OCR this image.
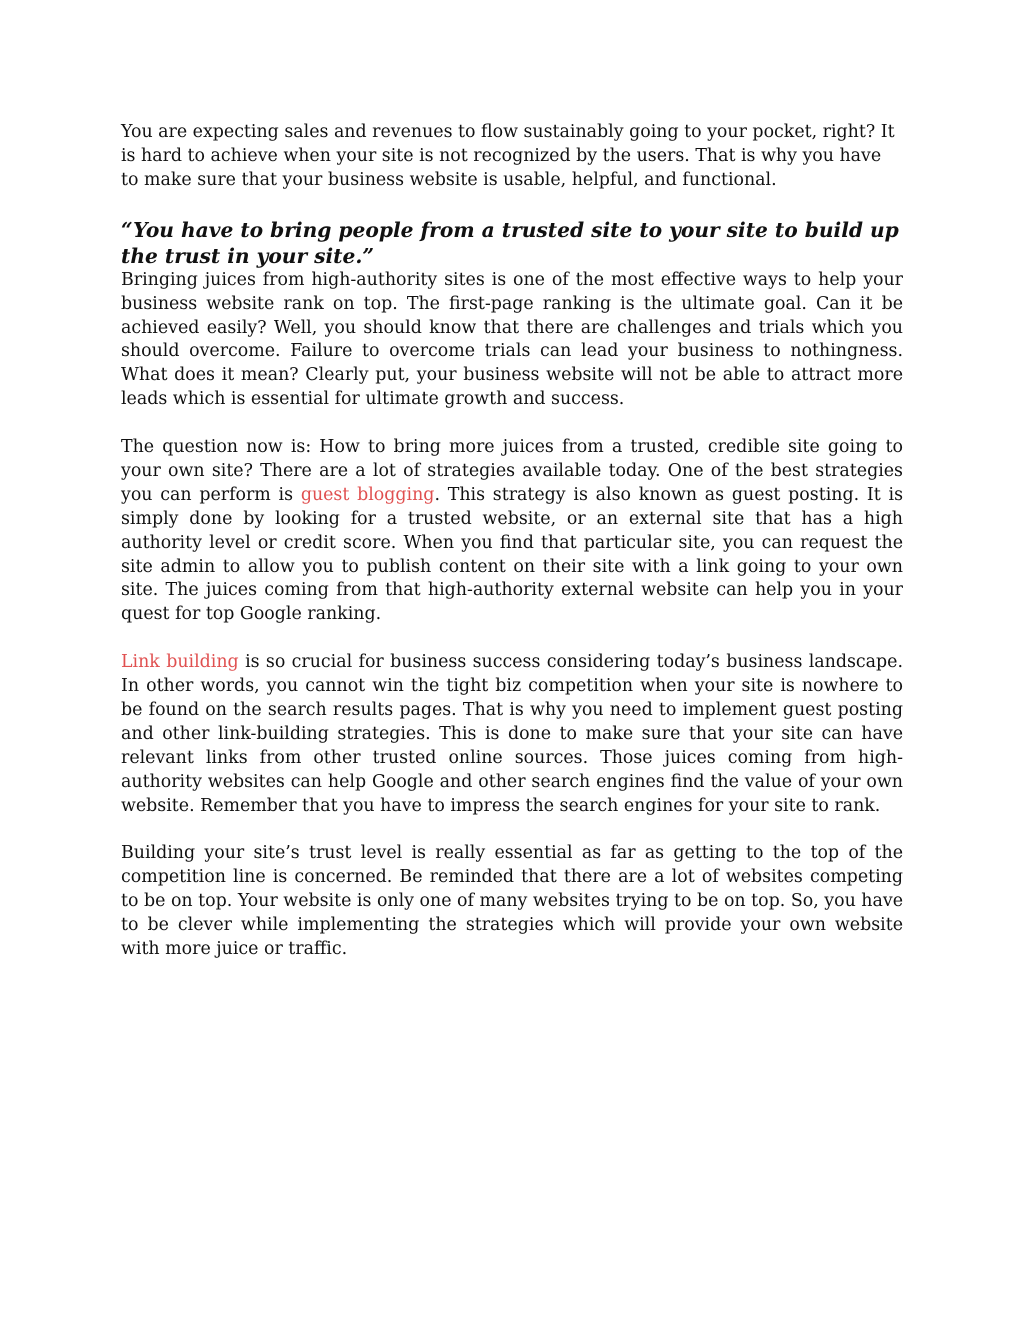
You are expecting sales and revenues to flow sustainably going to your pocket, right? It is hard to achieve when your site is not recognized by the users. That is why you have to make sure that your business website is usable, helpful, and functional.

“You have to bring people from a trusted site to your site to build up the trust in your site.”

Bringing juices from high-authority sites is one of the most effective ways to help your business website rank on top. The first-page ranking is the ultimate goal. Can it be achieved easily? Well, you should know that there are challenges and trials which you should overcome. Failure to overcome trials can lead your business to nothingness. What does it mean? Clearly put, your business website will not be able to attract more leads which is essential for ultimate growth and success.

The question now is: How to bring more juices from a trusted, credible site going to your own site? There are a lot of strategies available today. One of the best strategies you can perform is guest blogging. This strategy is also known as guest posting. It is simply done by looking for a trusted website, or an external site that has a high authority level or credit score. When you find that particular site, you can request the site admin to allow you to publish content on their site with a link going to your own site. The juices coming from that high-authority external website can help you in your quest for top Google ranking.

Link building is so crucial for business success considering today’s business landscape. In other words, you cannot win the tight biz competition when your site is nowhere to be found on the search results pages. That is why you need to implement guest posting and other link-building strategies. This is done to make sure that your site can have relevant links from other trusted online sources. Those juices coming from high-authority websites can help Google and other search engines find the value of your own website. Remember that you have to impress the search engines for your site to rank.

Building your site’s trust level is really essential as far as getting to the top of the competition line is concerned. Be reminded that there are a lot of websites competing to be on top. Your website is only one of many websites trying to be on top. So, you have to be clever while implementing the strategies which will provide your own website with more juice or traffic.
